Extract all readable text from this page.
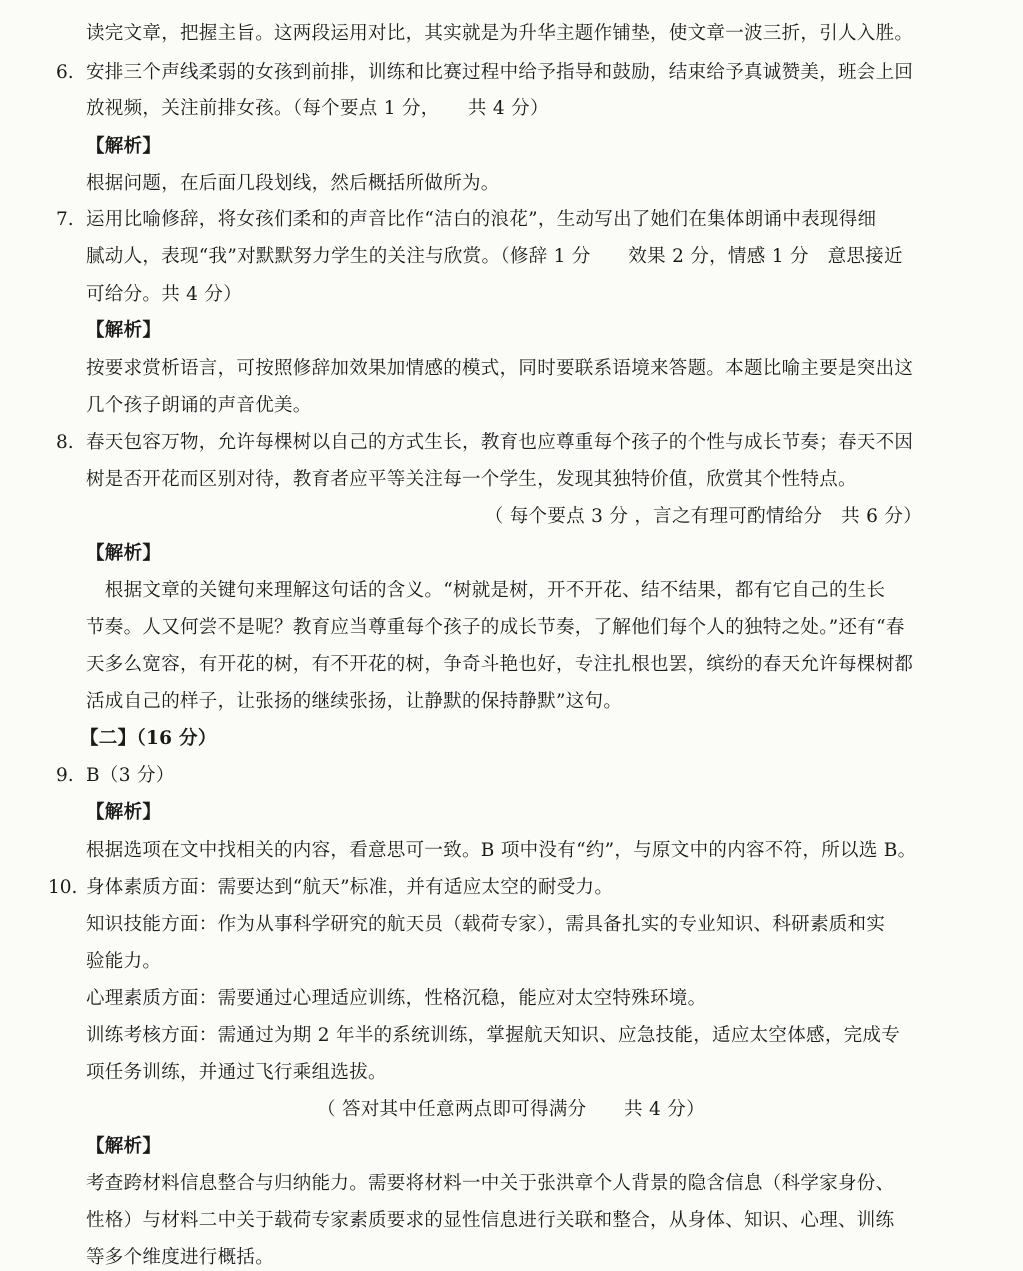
读完文章，把握主旨。这两段运用对比，其实就是为升华主题作铺垫，使文章一波三折，引人入胜。
6. 安排三个声线柔弱的女孩到前排，训练和比赛过程中给予指导和鼓励，结束给予真诚赞美，班会上回
放视频，关注前排女孩。（每个要点 1 分，　　共 4 分）
【解析】
根据问题，在后面几段划线，然后概括所做所为。
7. 运用比喻修辞，将女孩们柔和的声音比作“洁白的浪花”，生动写出了她们在集体朗诵中表现得细
腻动人，表现“我”对默默努力学生的关注与欣赏。（修辞 1 分　　效果 2 分，情感 1 分　意思接近
可给分。共 4 分）
【解析】
按要求赏析语言，可按照修辞加效果加情感的模式，同时要联系语境来答题。本题比喻主要是突出这
几个孩子朗诵的声音优美。
8. 春天包容万物，允许每棵树以自己的方式生长，教育也应尊重每个孩子的个性与成长节奏；春天不因
树是否开花而区别对待，教育者应平等关注每一个学生，发现其独特价值，欣赏其个性特点。
（ 每个要点 3 分 ，言之有理可酌情给分　共 6 分）
【解析】
　根据文章的关键句来理解这句话的含义。“树就是树，开不开花、结不结果，都有它自己的生长
节奏。人又何尝不是呢？教育应当尊重每个孩子的成长节奏，了解他们每个人的独特之处。”还有“春
天多么宽容，有开花的树，有不开花的树，争奇斗艳也好，专注扎根也罢，缤纷的春天允许每棵树都
活成自己的样子，让张扬的继续张扬，让静默的保持静默”这句。
【二】（16 分）
9. B（3 分）
【解析】
根据选项在文中找相关的内容，看意思可一致。B 项中没有“约”，与原文中的内容不符，所以选 B。
10. 身体素质方面：需要达到“航天”标准，并有适应太空的耐受力。
知识技能方面：作为从事科学研究的航天员（载荷专家），需具备扎实的专业知识、科研素质和实
验能力。
心理素质方面：需要通过心理适应训练，性格沉稳，能应对太空特殊环境。
训练考核方面：需通过为期 2 年半的系统训练，掌握航天知识、应急技能，适应太空体感，完成专
项任务训练，并通过飞行乘组选拔。
（ 答对其中任意两点即可得满分　　共 4 分）
【解析】
考查跨材料信息整合与归纳能力。需要将材料一中关于张洪章个人背景的隐含信息（科学家身份、
性格）与材料二中关于载荷专家素质要求的显性信息进行关联和整合，从身体、知识、心理、训练
等多个维度进行概括。
